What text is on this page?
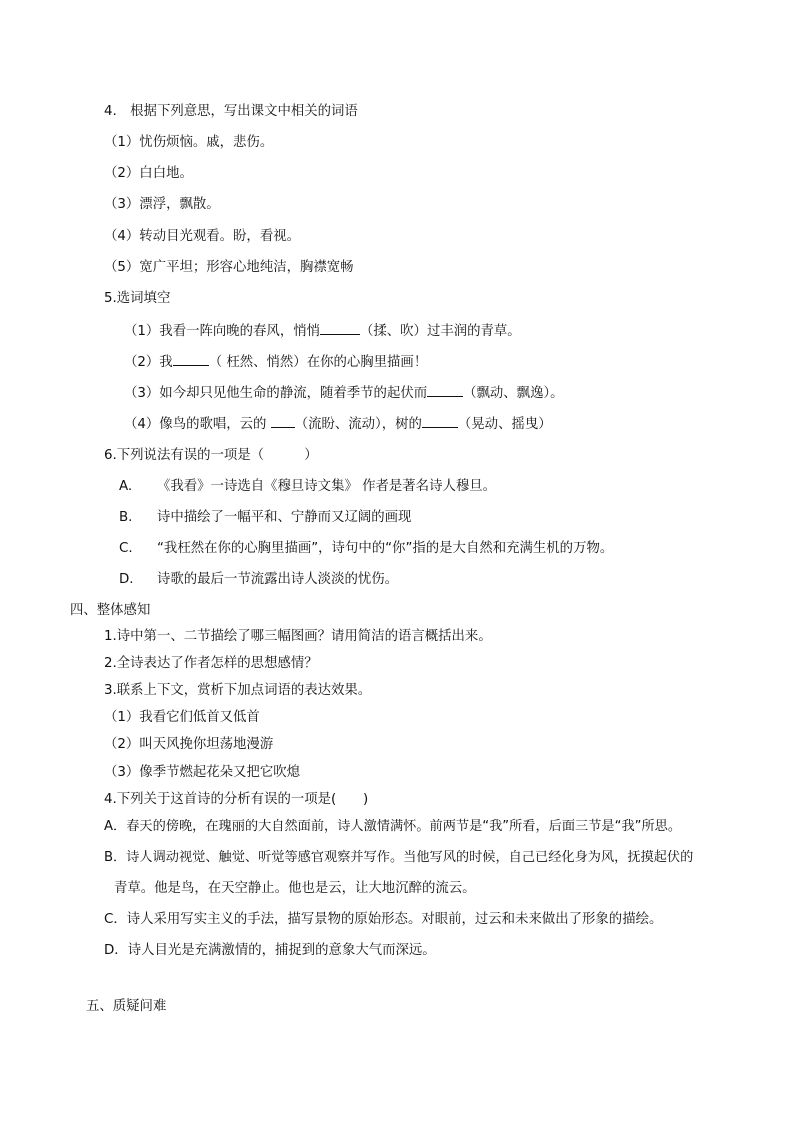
4.　根据下列意思，写出课文中相关的词语
（1）忧伤烦恼。戚，悲伤。
（2）白白地。
（3）漂浮，飘散。
（4）转动目光观看。盼，看视。
（5）宽广平坦；形容心地纯洁，胸襟宽畅
5.选词填空
（1）我看一阵向晚的春风，悄悄	（揉、吹）过丰润的青草。
（2）我	（ 枉然、悄然）在你的心胸里描画！
（3）如今却只见他生命的静流，随着季节的起伏而	（飘动、飘逸）。
（4）像鸟的歌唱，云的 （流盼、流动），树的	（晃动、摇曳）
6.下列说法有误的一项是（　　　）
A. 《我看》一诗选自《穆旦诗文集》 作者是著名诗人穆旦。
B. 诗中描绘了一幅平和、宁静而又辽阔的画现
C. “我枉然在你的心胸里描画”，诗句中的“你”指的是大自然和充满生机的万物。
D. 诗歌的最后一节流露出诗人淡淡的忧伤。
四、整体感知
1.诗中第一、二节描绘了哪三幅图画？请用简洁的语言概括出来。
2.全诗表达了作者怎样的思想感情？
3.联系上下文，赏析下加点词语的表达效果。
（1）我看它们低首又低首
（2）叫天风挽你坦荡地漫游
（3）像季节燃起花朵又把它吹熄
4.下列关于这首诗的分析有误的一项是(　　)
A．春天的傍晚，在瑰丽的大自然面前，诗人激情满怀。前两节是“我”所看，后面三节是“我”所思。
B．诗人调动视觉、触觉、听觉等感官观察并写作。当他写风的时候，自己已经化身为风，抚摸起伏的
青草。他是鸟，在天空静止。他也是云，让大地沉醉的流云。
C．诗人采用写实主义的手法，描写景物的原始形态。对眼前，过云和未来做出了形象的描绘。
D．诗人目光是充满激情的，捕捉到的意象大气而深远。
五、质疑问难
